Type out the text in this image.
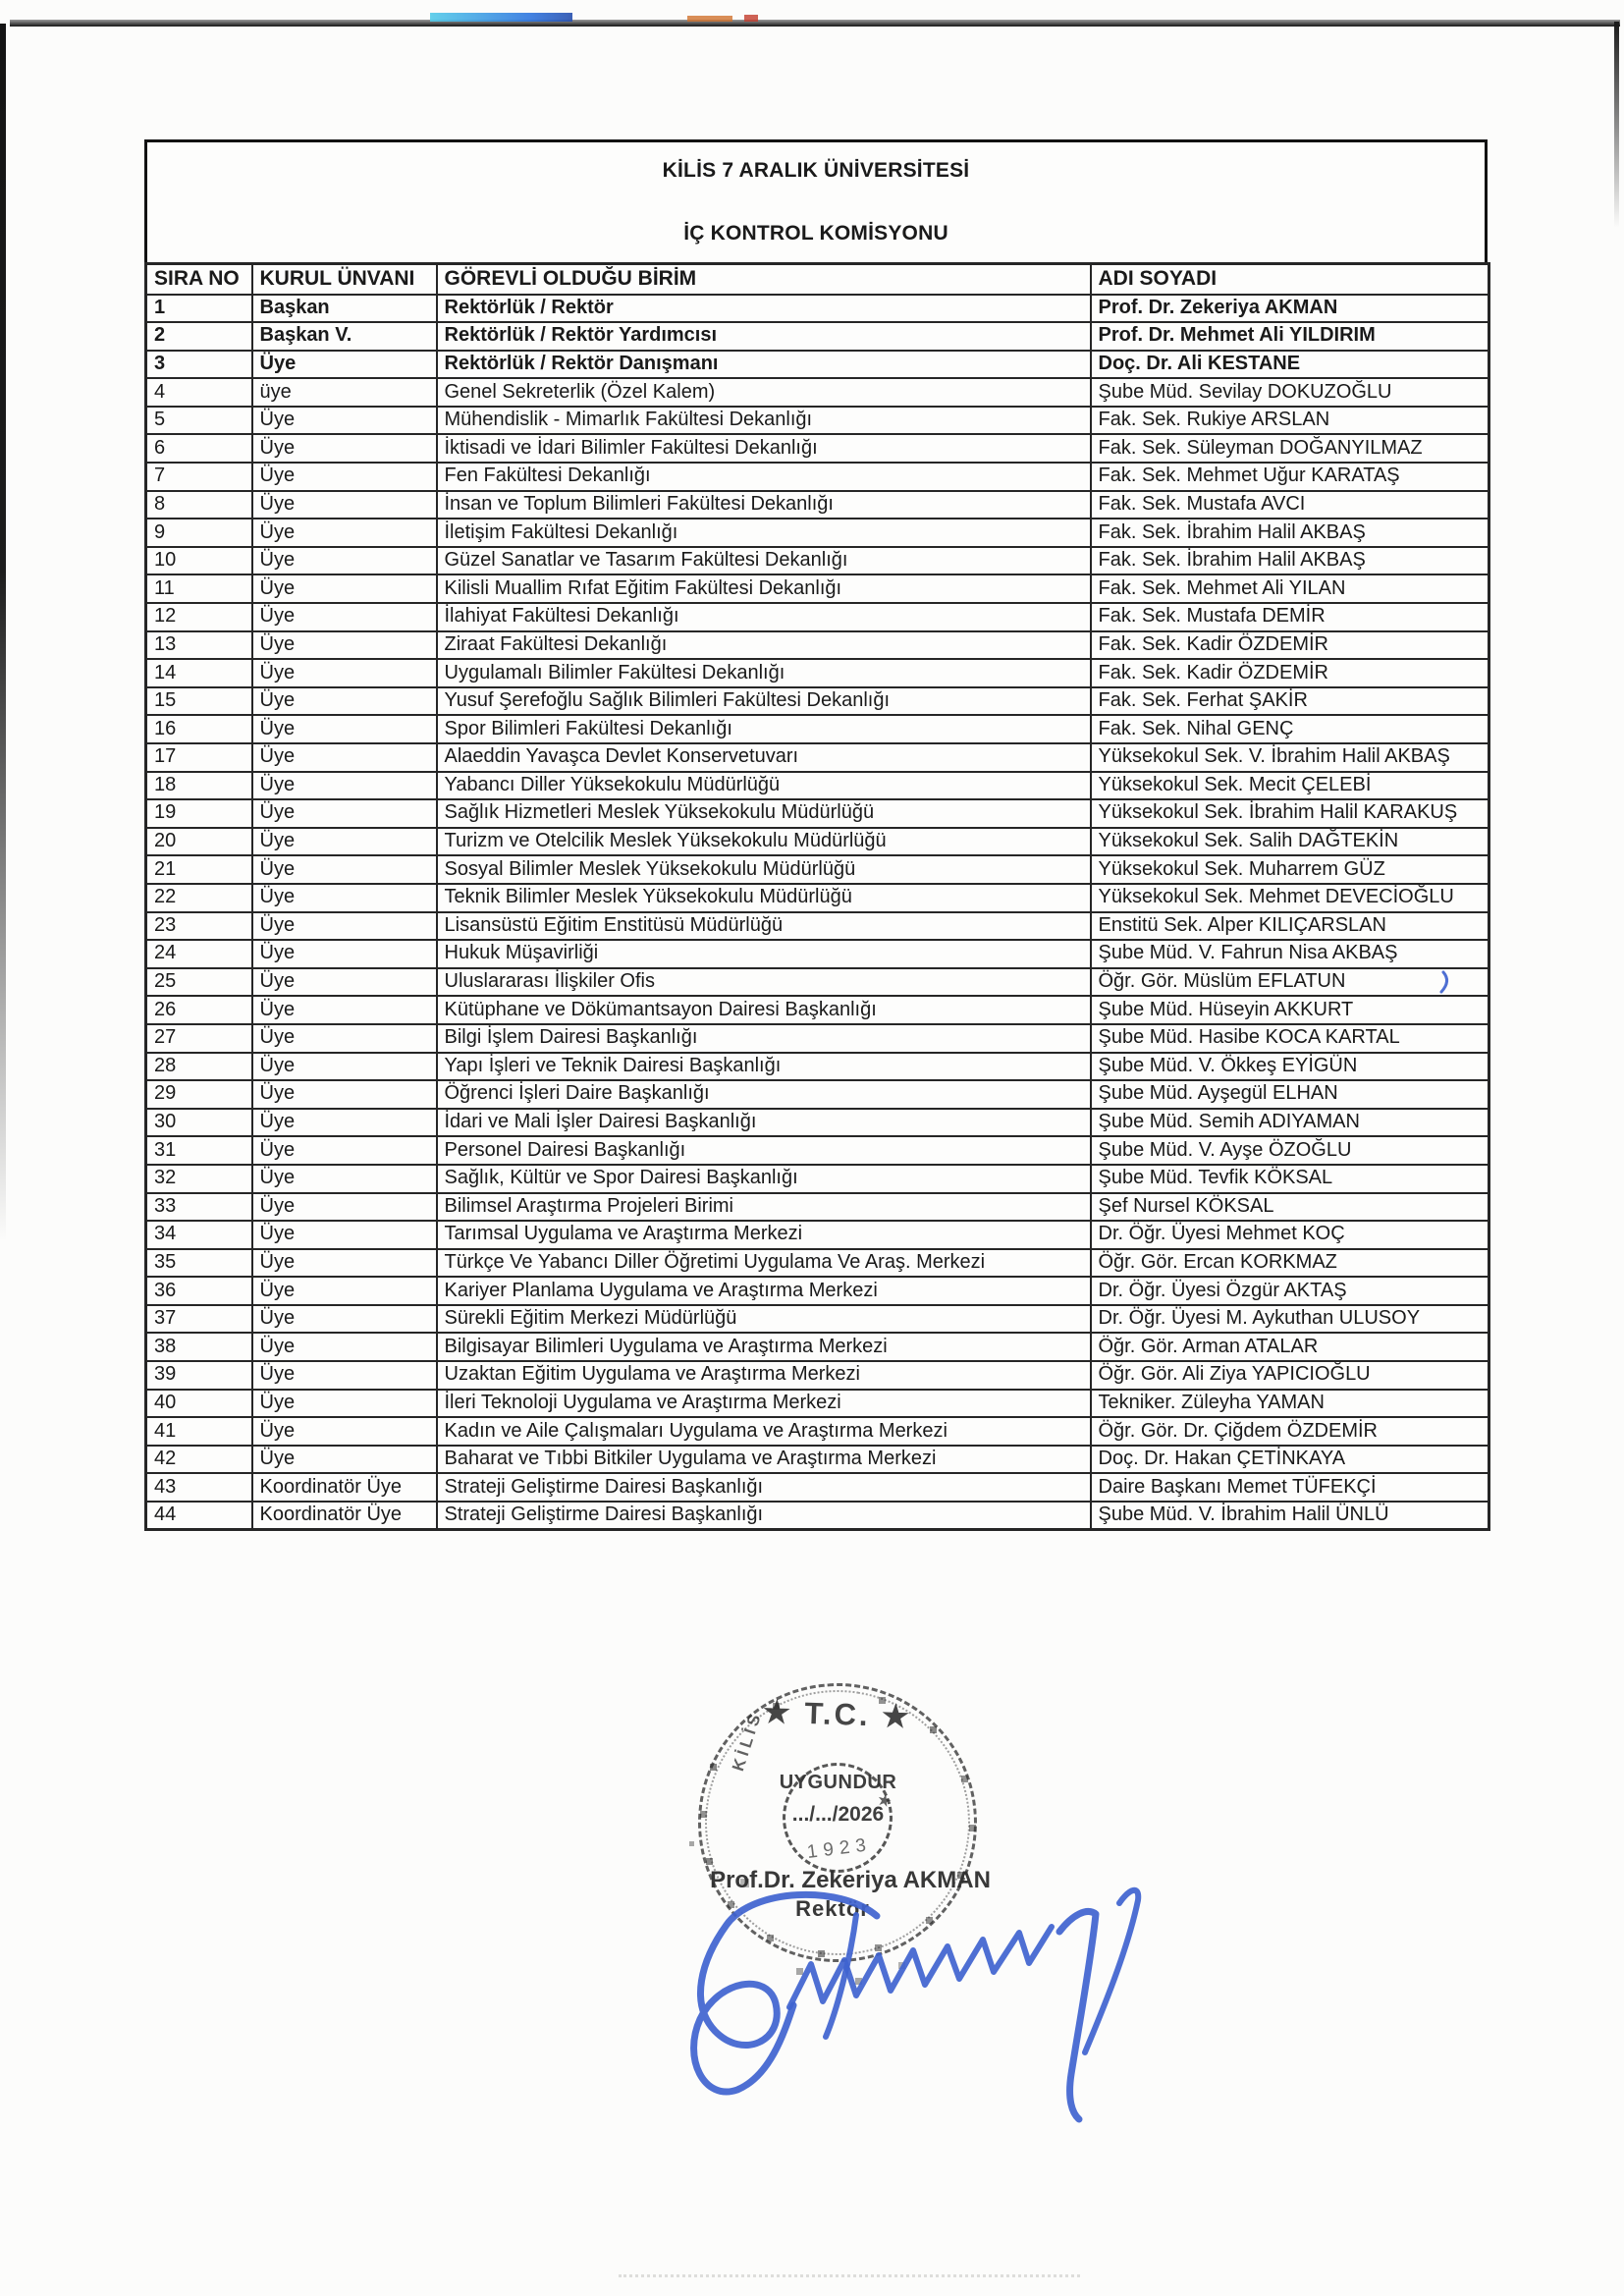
KİLİS 7 ARALIK ÜNİVERSİTESİ
İÇ KONTROL KOMİSYONU
SIRA NO	KURUL ÜNVANI	GÖREVLİ OLDUĞU BİRİM	ADI SOYADI
1	Başkan	Rektörlük / Rektör	Prof. Dr. Zekeriya AKMAN
2	Başkan V.	Rektörlük / Rektör Yardımcısı	Prof. Dr. Mehmet Ali YILDIRIM
3	Üye	Rektörlük / Rektör Danışmanı	Doç. Dr. Ali KESTANE
4	üye	Genel Sekreterlik (Özel Kalem)	Şube Müd. Sevilay DOKUZOĞLU
5	Üye	Mühendislik - Mimarlık Fakültesi Dekanlığı	Fak. Sek. Rukiye ARSLAN
6	Üye	İktisadi ve İdari Bilimler Fakültesi Dekanlığı	Fak. Sek. Süleyman DOĞANYILMAZ
7	Üye	Fen Fakültesi Dekanlığı	Fak. Sek. Mehmet Uğur KARATAŞ
8	Üye	İnsan ve Toplum Bilimleri Fakültesi Dekanlığı	Fak. Sek. Mustafa AVCI
9	Üye	İletişim Fakültesi Dekanlığı	Fak. Sek. İbrahim Halil AKBAŞ
10	Üye	Güzel Sanatlar ve Tasarım Fakültesi Dekanlığı	Fak. Sek. İbrahim Halil AKBAŞ
11	Üye	Kilisli Muallim Rıfat Eğitim Fakültesi Dekanlığı	Fak. Sek. Mehmet Ali YILAN
12	Üye	İlahiyat Fakültesi Dekanlığı	Fak. Sek. Mustafa DEMİR
13	Üye	Ziraat Fakültesi Dekanlığı	Fak. Sek. Kadir ÖZDEMİR
14	Üye	Uygulamalı Bilimler Fakültesi Dekanlığı	Fak. Sek. Kadir ÖZDEMİR
15	Üye	Yusuf Şerefoğlu Sağlık Bilimleri Fakültesi Dekanlığı	Fak. Sek. Ferhat ŞAKİR
16	Üye	Spor Bilimleri Fakültesi Dekanlığı	Fak. Sek. Nihal GENÇ
17	Üye	Alaeddin Yavaşca Devlet Konservetuvarı	Yüksekokul Sek. V. İbrahim Halil AKBAŞ
18	Üye	Yabancı Diller Yüksekokulu Müdürlüğü	Yüksekokul Sek. Mecit ÇELEBİ
19	Üye	Sağlık Hizmetleri Meslek Yüksekokulu Müdürlüğü	Yüksekokul Sek. İbrahim Halil KARAKUŞ
20	Üye	Turizm ve Otelcilik Meslek Yüksekokulu Müdürlüğü	Yüksekokul Sek. Salih DAĞTEKİN
21	Üye	Sosyal Bilimler Meslek Yüksekokulu Müdürlüğü	Yüksekokul Sek. Muharrem GÜZ
22	Üye	Teknik Bilimler Meslek Yüksekokulu Müdürlüğü	Yüksekokul Sek. Mehmet DEVECİOĞLU
23	Üye	Lisansüstü Eğitim Enstitüsü Müdürlüğü	Enstitü Sek. Alper KILIÇARSLAN
24	Üye	Hukuk Müşavirliği	Şube Müd. V. Fahrun Nisa AKBAŞ
25	Üye	Uluslararası İlişkiler Ofis	Öğr. Gör. Müslüm EFLATUN
26	Üye	Kütüphane ve Dökümantsayon Dairesi Başkanlığı	Şube Müd. Hüseyin AKKURT
27	Üye	Bilgi İşlem Dairesi Başkanlığı	Şube Müd. Hasibe KOCA KARTAL
28	Üye	Yapı İşleri ve Teknik Dairesi Başkanlığı	Şube Müd. V. Ökkeş EYİGÜN
29	Üye	Öğrenci İşleri Daire Başkanlığı	Şube Müd. Ayşegül ELHAN
30	Üye	İdari ve Mali İşler Dairesi Başkanlığı	Şube Müd. Semih ADIYAMAN
31	Üye	Personel Dairesi Başkanlığı	Şube Müd. V. Ayşe ÖZOĞLU
32	Üye	Sağlık, Kültür ve Spor Dairesi Başkanlığı	Şube Müd. Tevfik KÖKSAL
33	Üye	Bilimsel Araştırma Projeleri Birimi	Şef Nursel KÖKSAL
34	Üye	Tarımsal Uygulama ve Araştırma Merkezi	Dr. Öğr. Üyesi Mehmet KOÇ
35	Üye	Türkçe Ve Yabancı Diller Öğretimi Uygulama Ve Araş. Merkezi	Öğr. Gör. Ercan KORKMAZ
36	Üye	Kariyer Planlama Uygulama ve Araştırma Merkezi	Dr. Öğr. Üyesi Özgür AKTAŞ
37	Üye	Sürekli Eğitim Merkezi Müdürlüğü	Dr. Öğr. Üyesi M. Aykuthan ULUSOY
38	Üye	Bilgisayar Bilimleri Uygulama ve Araştırma Merkezi	Öğr. Gör. Arman ATALAR
39	Üye	Uzaktan Eğitim Uygulama ve Araştırma Merkezi	Öğr. Gör. Ali Ziya YAPICIOĞLU
40	Üye	İleri Teknoloji Uygulama ve Araştırma Merkezi	Tekniker. Züleyha YAMAN
41	Üye	Kadın ve Aile Çalışmaları Uygulama ve Araştırma Merkezi	Öğr. Gör. Dr. Çiğdem ÖZDEMİR
42	Üye	Baharat ve Tıbbi Bitkiler Uygulama ve Araştırma Merkezi	Doç. Dr. Hakan ÇETİNKAYA
43	Koordinatör Üye	Strateji Geliştirme Dairesi Başkanlığı	Daire Başkanı Memet TÜFEKÇİ
44	Koordinatör Üye	Strateji Geliştirme Dairesi Başkanlığı	Şube Müd. V. İbrahim Halil ÜNLÜ
★ T.C. ★
UYGUNDUR
.../.../2026
1923
KİLİS
★
Prof.Dr. Zekeriya AKMAN
Rektör
